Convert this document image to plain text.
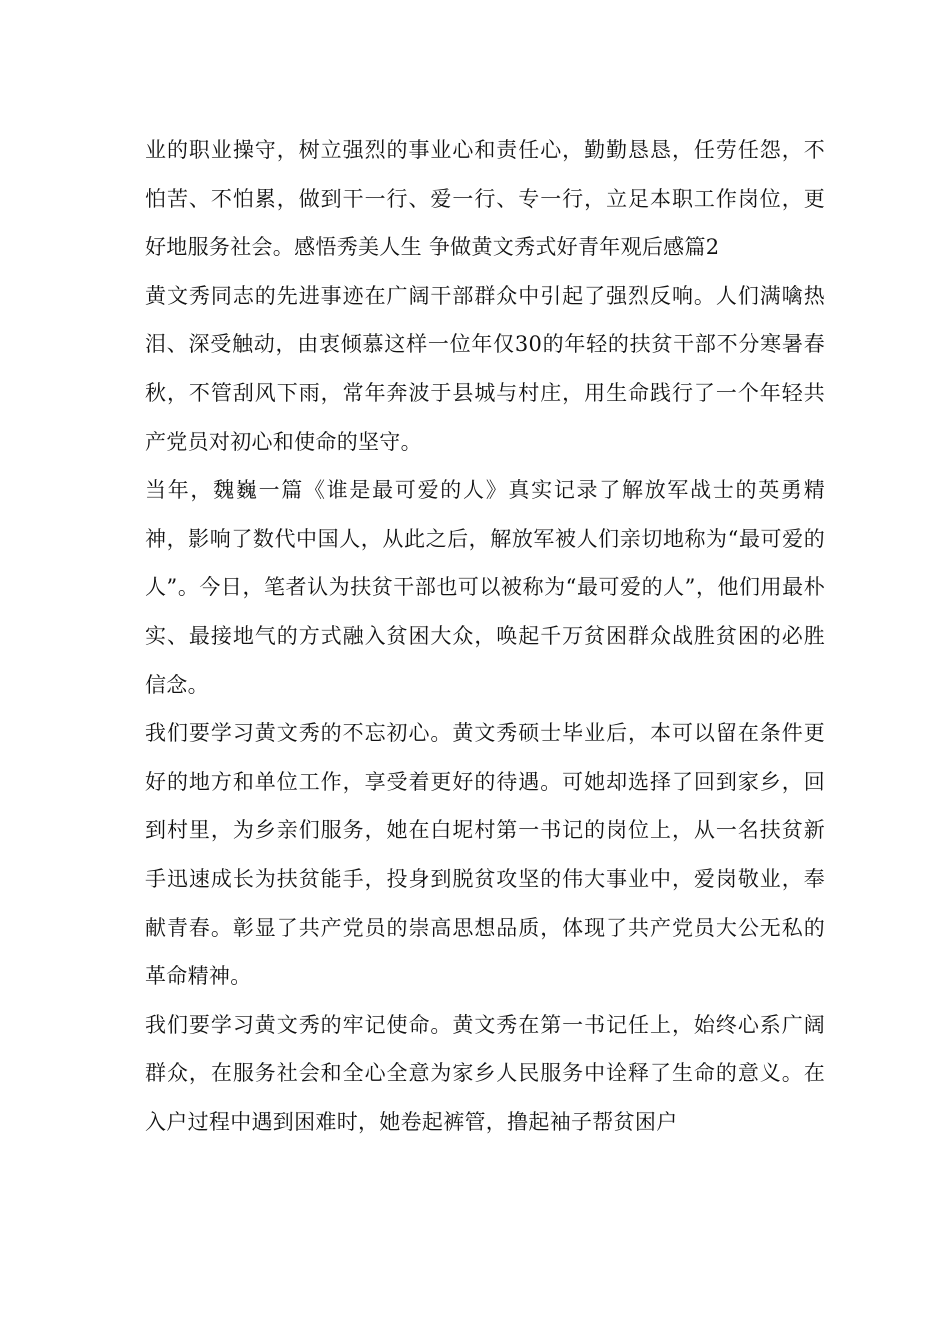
业的职业操守，树立强烈的事业心和责任心，勤勤恳恳，任劳任怨，不怕苦、不怕累，做到干一行、爱一行、专一行，立足本职工作岗位，更好地服务社会。感悟秀美人生 争做黄文秀式好青年观后感篇2

黄文秀同志的先进事迹在广阔干部群众中引起了强烈反响。人们满噙热泪、深受触动，由衷倾慕这样一位年仅30的年轻的扶贫干部不分寒暑春秋，不管刮风下雨，常年奔波于县城与村庄，用生命践行了一个年轻共产党员对初心和使命的坚守。

当年，魏巍一篇《谁是最可爱的人》真实记录了解放军战士的英勇精神，影响了数代中国人，从此之后，解放军被人们亲切地称为“最可爱的人”。今日，笔者认为扶贫干部也可以被称为“最可爱的人”，他们用最朴实、最接地气的方式融入贫困大众，唤起千万贫困群众战胜贫困的必胜信念。

我们要学习黄文秀的不忘初心。黄文秀硕士毕业后，本可以留在条件更好的地方和单位工作，享受着更好的待遇。可她却选择了回到家乡，回到村里，为乡亲们服务，她在白坭村第一书记的岗位上，从一名扶贫新手迅速成长为扶贫能手，投身到脱贫攻坚的伟大事业中，爱岗敬业，奉献青春。彰显了共产党员的崇高思想品质，体现了共产党员大公无私的革命精神。

我们要学习黄文秀的牢记使命。黄文秀在第一书记任上，始终心系广阔群众，在服务社会和全心全意为家乡人民服务中诠释了生命的意义。在入户过程中遇到困难时，她卷起裤管，撸起袖子帮贫困户
